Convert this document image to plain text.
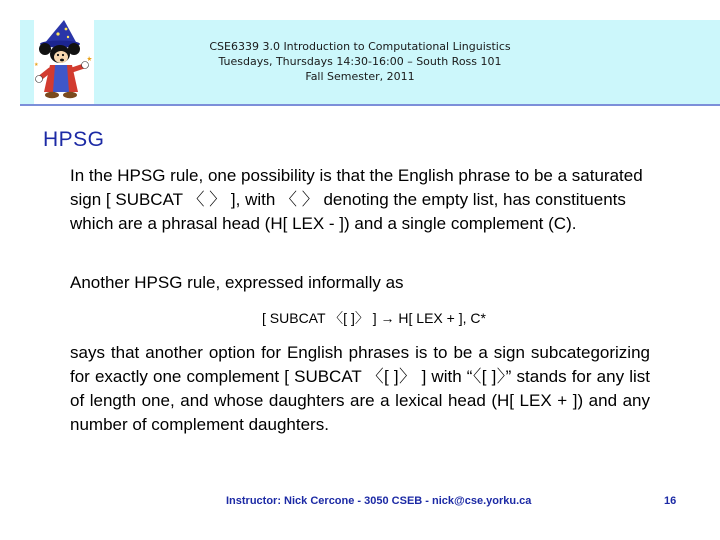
CSE6339 3.0 Introduction to Computational Linguistics
Tuesdays, Thursdays 14:30-16:00 – South Ross 101
Fall Semester, 2011
HPSG

In the HPSG rule, one possibility is that the English phrase to be a saturated sign [ SUBCAT 〈 〉 ], with 〈 〉 denoting the empty list, has constituents which are a phrasal head (H[ LEX - ]) and a single complement (C).

Another HPSG rule, expressed informally as

[ SUBCAT 〈[ ]〉 ] → H[ LEX + ], C*

says that another option for English phrases is to be a sign subcategorizing for exactly one complement [ SUBCAT 〈[ ]〉 ] with “〈[ ]〉” stands for any list of length one, and whose daughters are a lexical head (H[ LEX + ]) and any number of complement daughters.

Instructor: Nick Cercone - 3050 CSEB - nick@cse.yorku.ca	16
